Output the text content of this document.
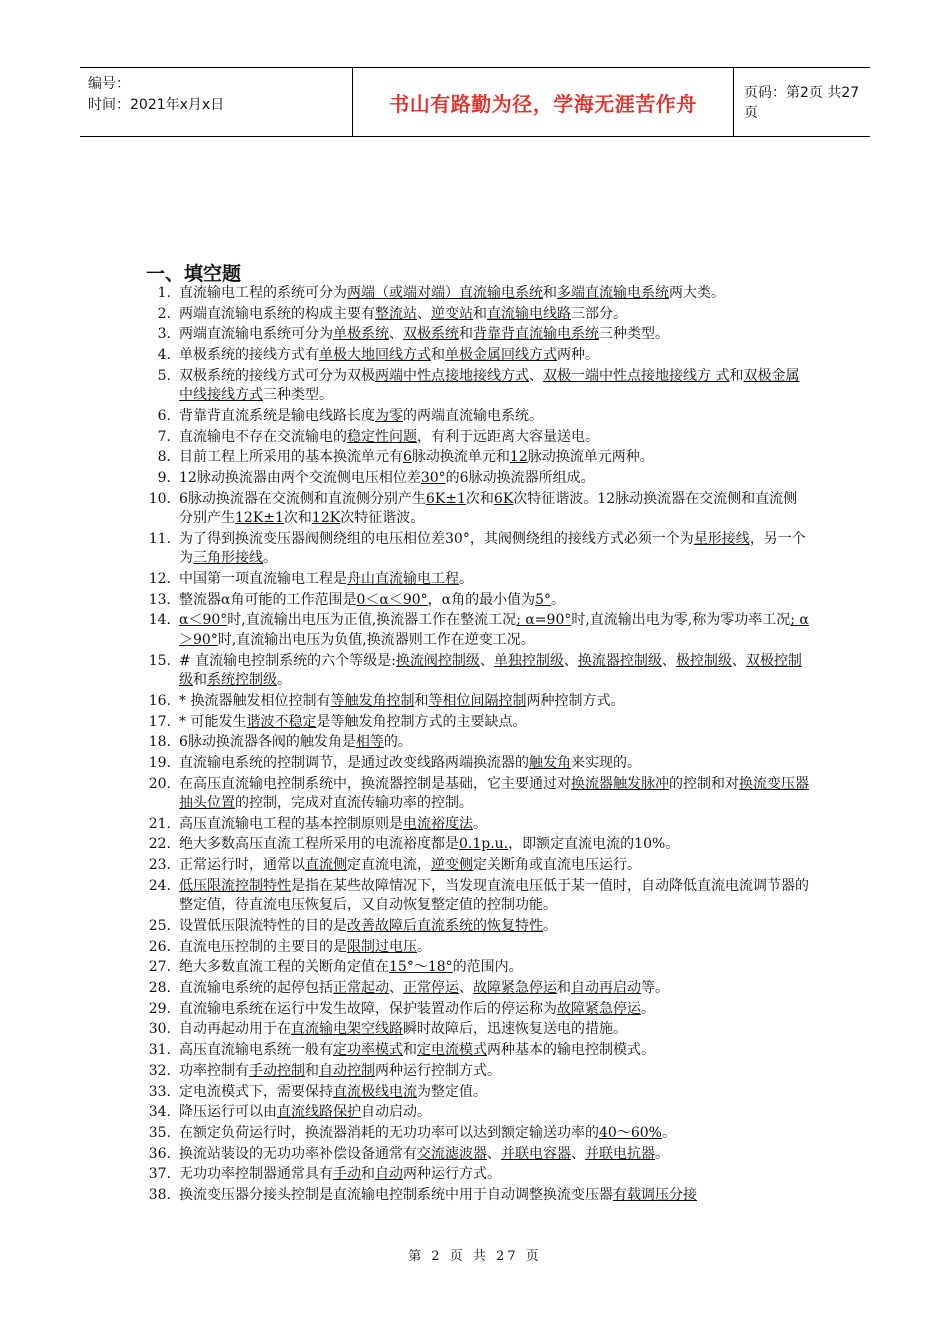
编号：
时间：2021年x月x日	书山有路勤为径，学海无涯苦作舟	页码：第2页 共27页
一、填空题
1 . 直流输电工程的系统可分为两端（或端对端）直流输电系统和多端直流输电系统两大类。
2 . 两端直流输电系统的构成主要有整流站、逆变站和直流输电线路三部分。
3 . 两端直流输电系统可分为单极系统、双极系统和背靠背直流输电系统三种类型。
4 . 单极系统的接线方式有单极大地回线方式和单极金属回线方式两种。
5 . 双极系统的接线方式可分为双极两端中性点接地接线方式、双极一端中性点接地接线方 式和双极金属中线接线方式三种类型。
6 . 背靠背直流系统是输电线路长度为零的两端直流输电系统。
7 . 直流输电不存在交流输电的稳定性问题，有利于远距离大容量送电。
8 . 目前工程上所采用的基本换流单元有6脉动换流单元和12脉动换流单元两种。
9 . 12脉动换流器由两个交流侧电压相位差30°的6脉动换流器所组成。
10 . 6脉动换流器在交流侧和直流侧分别产生6K±1次和6K次特征谐波。12脉动换流器在交流侧和直流侧分别产生12K±1次和12K次特征谐波。
11 . 为了得到换流变压器阀侧绕组的电压相位差30°，其阀侧绕组的接线方式必须一个为星形接线，另一个为三角形接线。
12 . 中国第一项直流输电工程是舟山直流输电工程。
13 . 整流器α角可能的工作范围是0＜α＜90°，α角的最小值为5°。
14 . α＜90°时,直流输出电压为正值,换流器工作在整流工况; α=90°时,直流输出电为零,称为零功率工况; α＞90°时,直流输出电压为负值,换流器则工作在逆变工况。
15 . # 直流输电控制系统的六个等级是:换流阀控制级、单独控制级、换流器控制级、极控制级、双极控制级和系统控制级。
16 . * 换流器触发相位控制有等触发角控制和等相位间隔控制两种控制方式。
17 . * 可能发生谐波不稳定是等触发角控制方式的主要缺点。
18 . 6脉动换流器各阀的触发角是相等的。
19 . 直流输电系统的控制调节，是通过改变线路两端换流器的触发角来实现的。
20 . 在高压直流输电控制系统中，换流器控制是基础，它主要通过对换流器触发脉冲的控制和对换流变压器抽头位置的控制，完成对直流传输功率的控制。
21 . 高压直流输电工程的基本控制原则是电流裕度法。
22 . 绝大多数高压直流工程所采用的电流裕度都是0.1p.u.，即额定直流电流的10%。
23 . 正常运行时，通常以直流侧定直流电流，逆变侧定关断角或直流电压运行。
24 . 低压限流控制特性是指在某些故障情况下，当发现直流电压低于某一值时，自动降低直流电流调节器的整定值，待直流电压恢复后，又自动恢复整定值的控制功能。
25 . 设置低压限流特性的目的是改善故障后直流系统的恢复特性。
26 . 直流电压控制的主要目的是限制过电压。
27 . 绝大多数直流工程的关断角定值在15°～18°的范围内。
28 . 直流输电系统的起停包括正常起动、正常停运、故障紧急停运和自动再启动等。
29 . 直流输电系统在运行中发生故障，保护装置动作后的停运称为故障紧急停运。
30 . 自动再起动用于在直流输电架空线路瞬时故障后，迅速恢复送电的措施。
31 . 高压直流输电系统一般有定功率模式和定电流模式两种基本的输电控制模式。
32 . 功率控制有手动控制和自动控制两种运行控制方式。
33 . 定电流模式下，需要保持直流极线电流为整定值。
34 . 降压运行可以由直流线路保护自动启动。
35 . 在额定负荷运行时，换流器消耗的无功功率可以达到额定输送功率的40～60%。
36 . 换流站装设的无功功率补偿设备通常有交流滤波器、并联电容器、并联电抗器。
37 . 无功功率控制器通常具有手动和自动两种运行方式。
38 . 换流变压器分接头控制是直流输电控制系统中用于自动调整换流变压器有载调压分接
第 2 页 共 27 页
